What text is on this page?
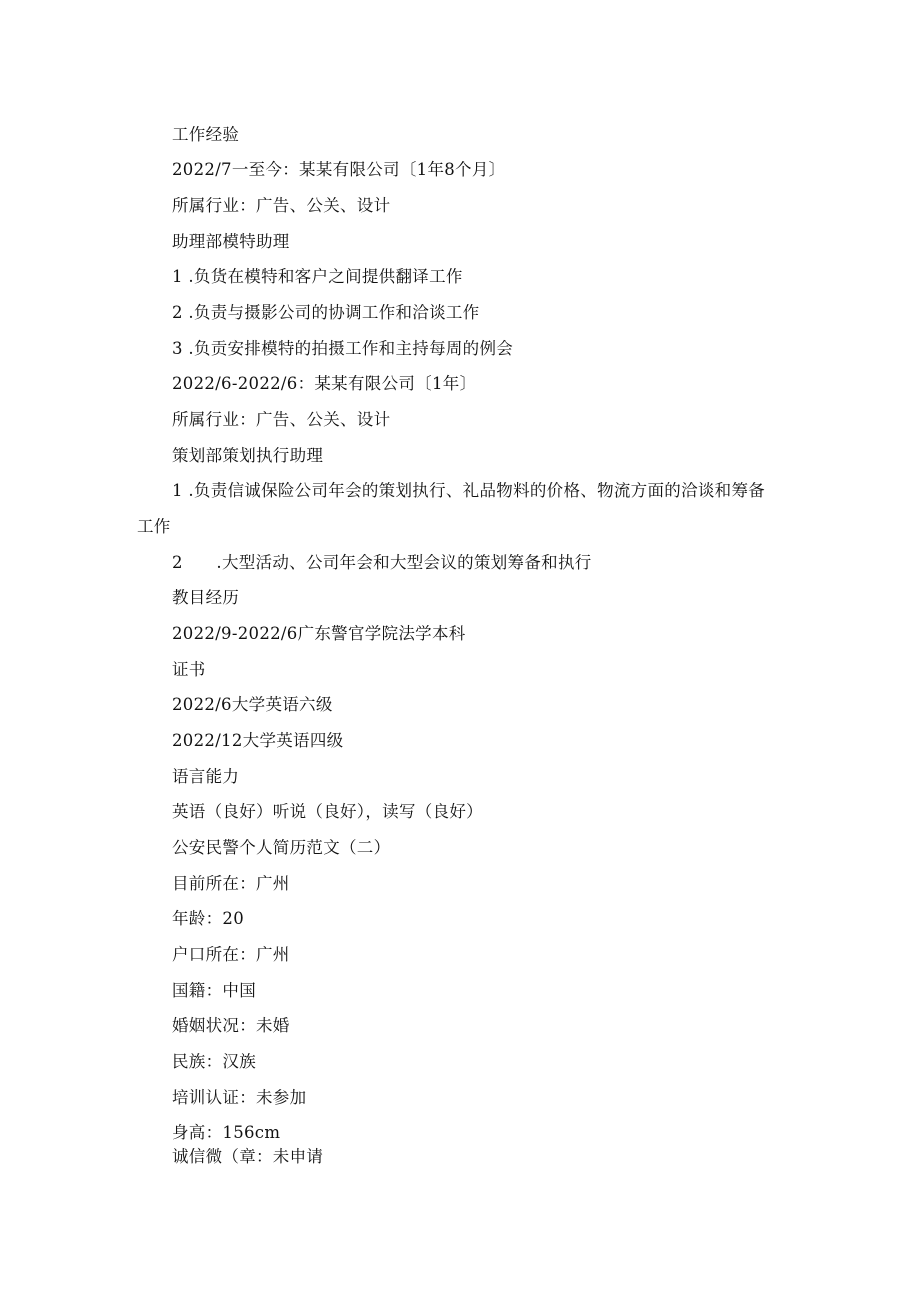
工作经验
2022/7一至今：某某有限公司〔1年8个月〕
所属行业：广告、公关、设计
助理部模特助理
1 .负货在模特和客户之间提供翻译工作
2 .负责与摄影公司的协调工作和洽谈工作
3 .负贡安排模特的拍摄工作和主持每周的例会
2022/6-2022/6：某某有限公司〔1年〕
所属行业：广告、公关、设计
策划部策划执行助理
1 .负责信诚保险公司年会的策划执行、礼品物料的价格、物流方面的洽谈和筹备
工作
2　　.大型活动、公司年会和大型会议的策划筹备和执行
教目经历
2022/9-2022/6广东警官学院法学本科
证书
2022/6大学英语六级
2022/12大学英语四级
语言能力
英语（良好）听说（良好），读写（良好）
公安民警个人简历范文（二）
目前所在：广州
年龄：20
户口所在：广州
国籍：中国
婚姻状况：未婚
民族：汉族
培训认证：未参加
身高：156cm
诚信微（章：未申请
